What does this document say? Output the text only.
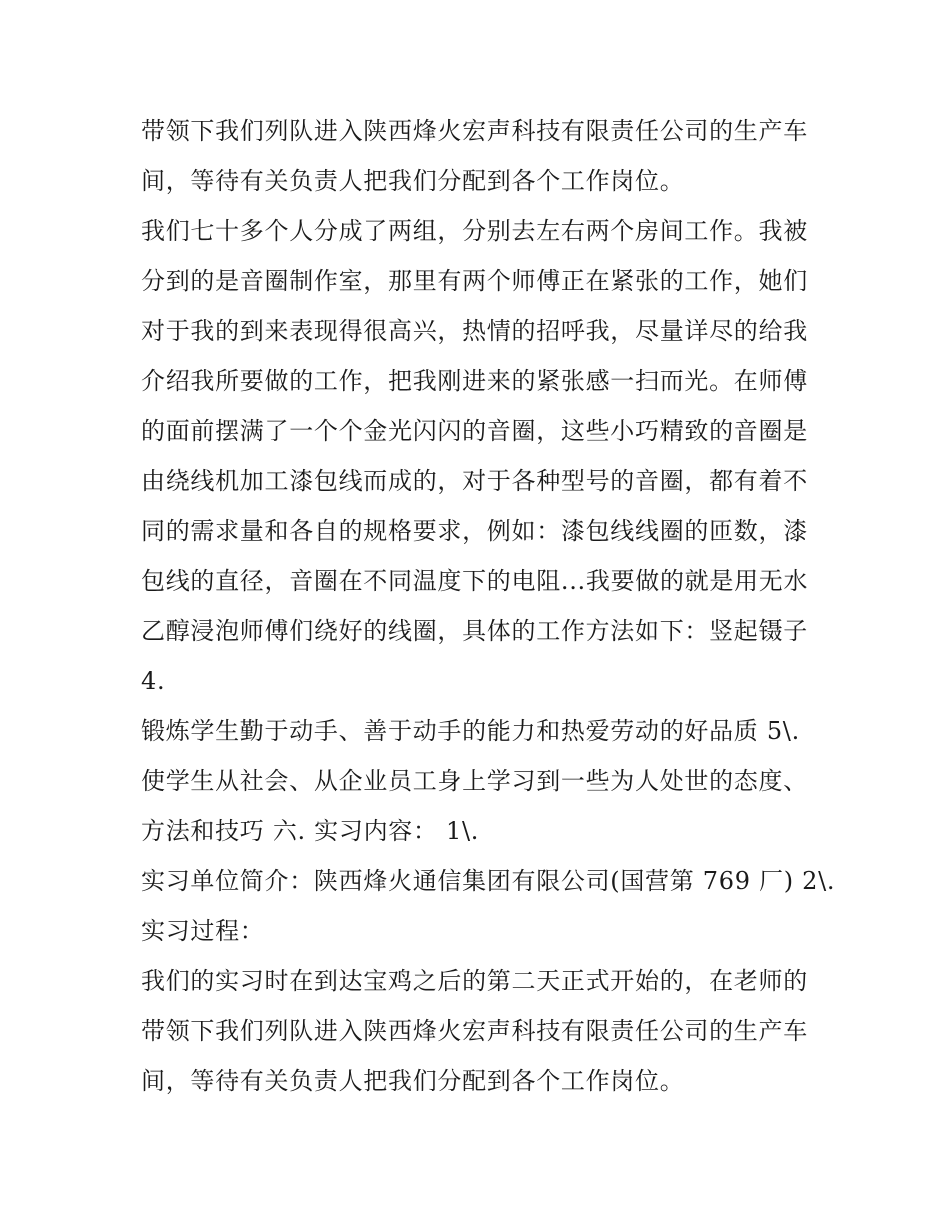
带领下我们列队进入陕西烽火宏声科技有限责任公司的生产车
间，等待有关负责人把我们分配到各个工作岗位。
我们七十多个人分成了两组，分别去左右两个房间工作。我被
分到的是音圈制作室，那里有两个师傅正在紧张的工作，她们
对于我的到来表现得很高兴，热情的招呼我，尽量详尽的给我
介绍我所要做的工作，把我刚进来的紧张感一扫而光。在师傅
的面前摆满了一个个金光闪闪的音圈，这些小巧精致的音圈是
由绕线机加工漆包线而成的，对于各种型号的音圈，都有着不
同的需求量和各自的规格要求，例如：漆包线线圈的匝数，漆
包线的直径，音圈在不同温度下的电阻...我要做的就是用无水
乙醇浸泡师傅们绕好的线圈，具体的工作方法如下：竖起镊子
4.
锻炼学生勤于动手、善于动手的能力和热爱劳动的好品质 5\.
使学生从社会、从企业员工身上学习到一些为人处世的态度、
方法和技巧 六. 实习内容： 1\.
实习单位简介：陕西烽火通信集团有限公司(国营第 769 厂) 2\.
实习过程：
我们的实习时在到达宝鸡之后的第二天正式开始的，在老师的
带领下我们列队进入陕西烽火宏声科技有限责任公司的生产车
间，等待有关负责人把我们分配到各个工作岗位。
